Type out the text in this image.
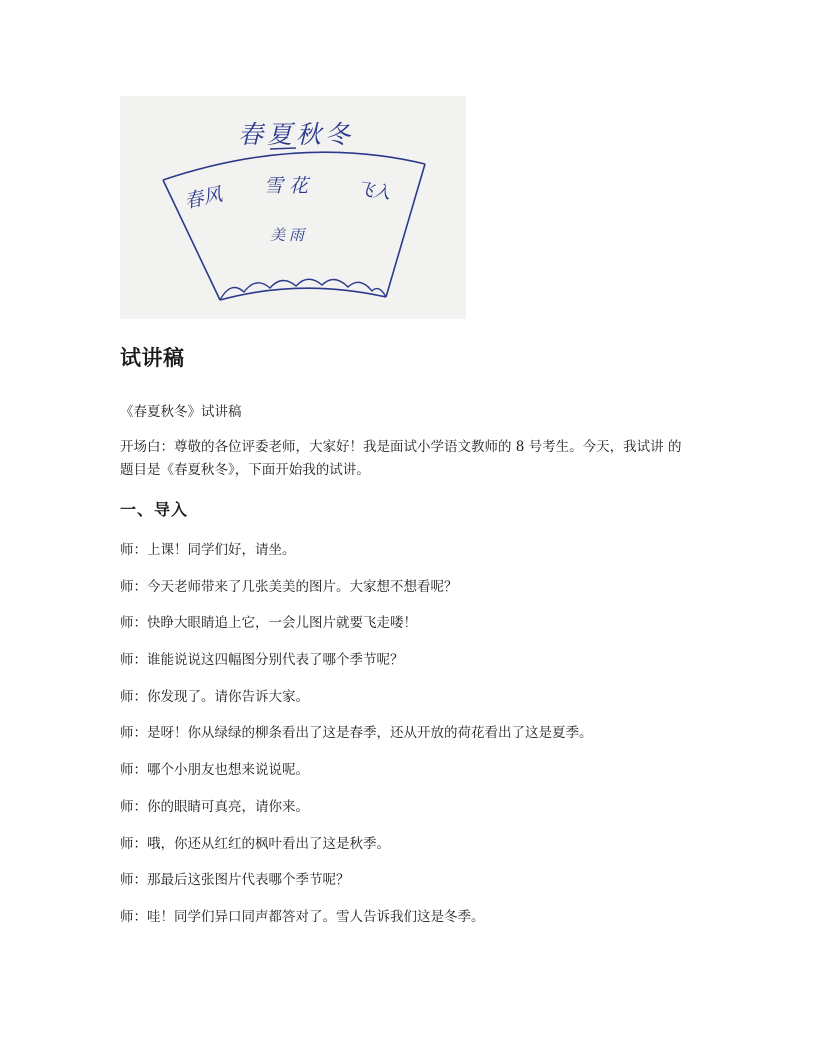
春夏秋冬
春风 雪花 飞入
美雨
试讲稿
《春夏秋冬》试讲稿

开场白：尊敬的各位评委老师，大家好！我是面试小学语文教师的 8 号考生。今天，我试讲 的题目是《春夏秋冬》，下面开始我的试讲。

一、导入
师：上课！同学们好，请坐。
师：今天老师带来了几张美美的图片。大家想不想看呢？
师：快睁大眼睛追上它，一会儿图片就要飞走喽！
师：谁能说说这四幅图分别代表了哪个季节呢？
师：你发现了。请你告诉大家。
师：是呀！你从绿绿的柳条看出了这是春季，还从开放的荷花看出了这是夏季。
师：哪个小朋友也想来说说呢。
师：你的眼睛可真亮，请你来。
师：哦，你还从红红的枫叶看出了这是秋季。
师：那最后这张图片代表哪个季节呢？
师：哇！同学们异口同声都答对了。雪人告诉我们这是冬季。
